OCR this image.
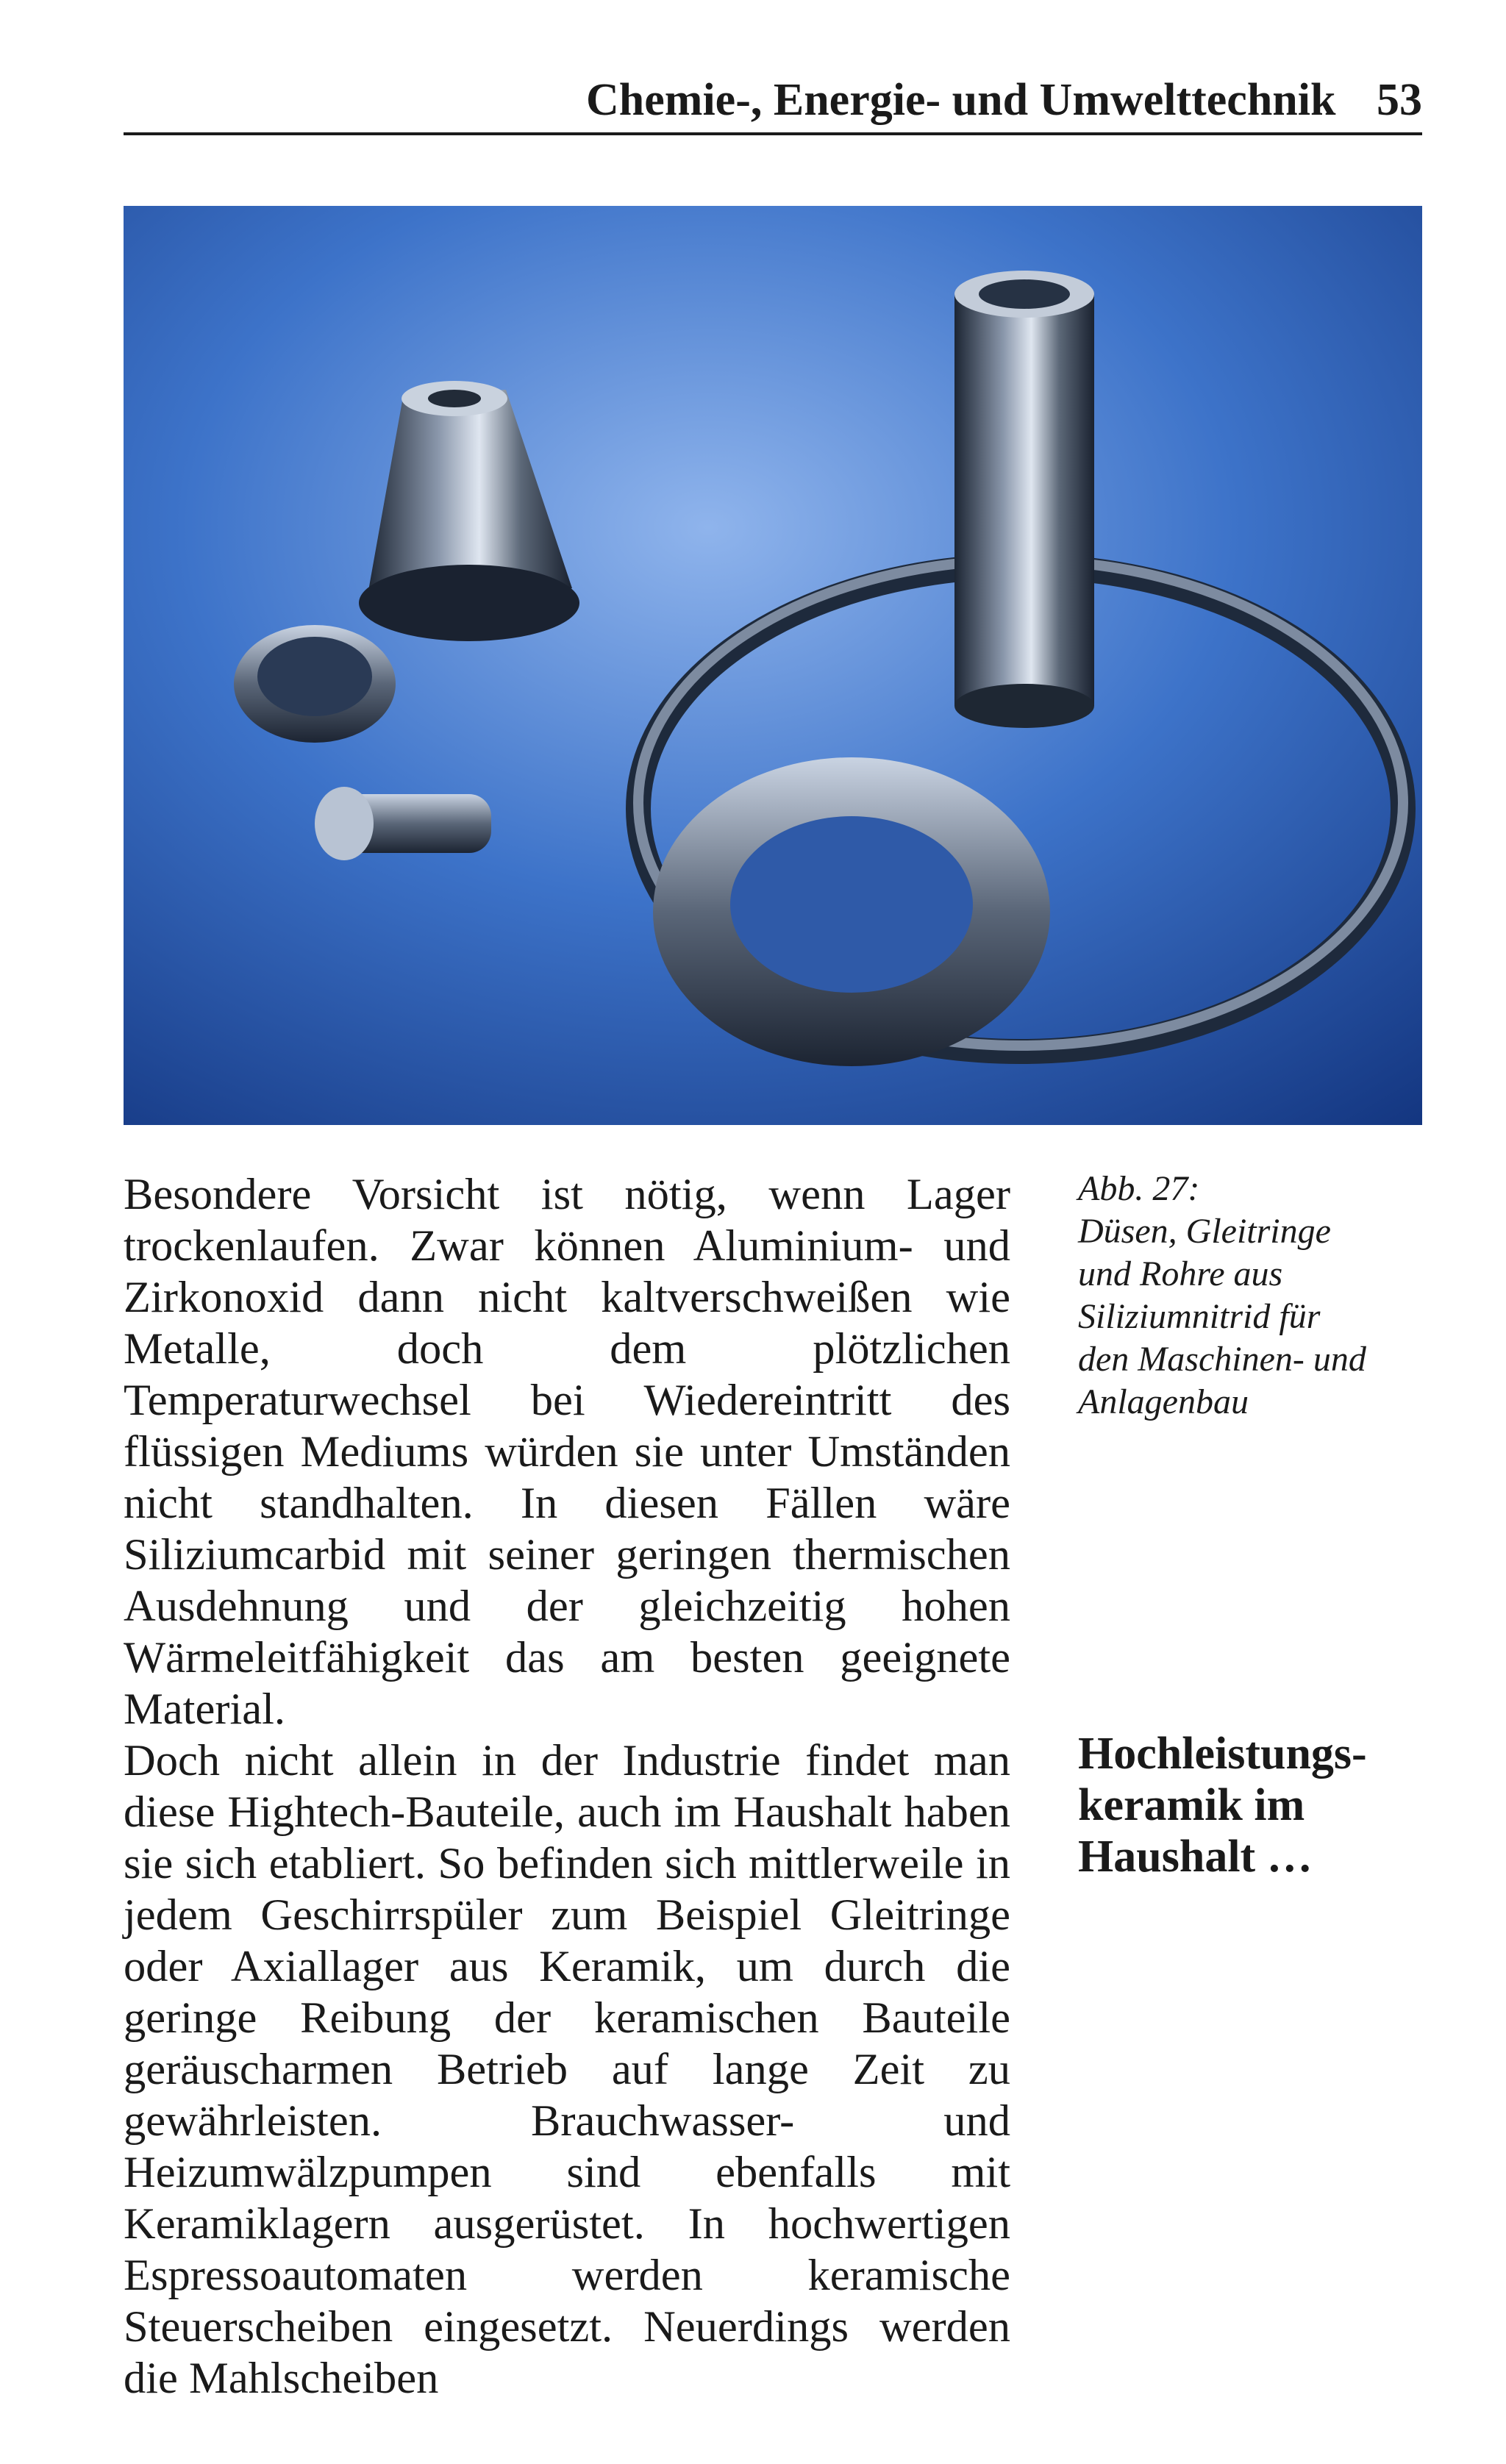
Chemie-, Energie- und Umwelttechnik 53

Besondere Vorsicht ist nötig, wenn Lager trockenlaufen. Zwar können Aluminium- und Zirkonoxid dann nicht kaltverschweißen wie Metalle, doch dem plötzlichen Temperaturwechsel bei Wiedereintritt des flüssigen Mediums würden sie unter Umständen nicht standhalten. In diesen Fällen wäre Siliziumcarbid mit seiner geringen thermischen Ausdehnung und der gleichzeitig hohen Wärmeleitfähigkeit das am besten geeignete Material.

Doch nicht allein in der Industrie findet man diese Hightech-Bauteile, auch im Haushalt haben sie sich etabliert. So befinden sich mittlerweile in jedem Geschirrspüler zum Beispiel Gleitringe oder Axiallager aus Keramik, um durch die geringe Reibung der keramischen Bauteile geräuscharmen Betrieb auf lange Zeit zu gewährleisten. Brauchwasser- und Heizumwälzpumpen sind ebenfalls mit Keramiklagern ausgerüstet. In hochwertigen Espressoautomaten werden keramische Steuerscheiben eingesetzt. Neuerdings werden die Mahlscheiben

Abb. 27:
Düsen, Gleitringe
und Rohre aus
Siliziumnitrid für
den Maschinen- und
Anlagenbau
Hochleistungs-
keramik im
Haushalt …
